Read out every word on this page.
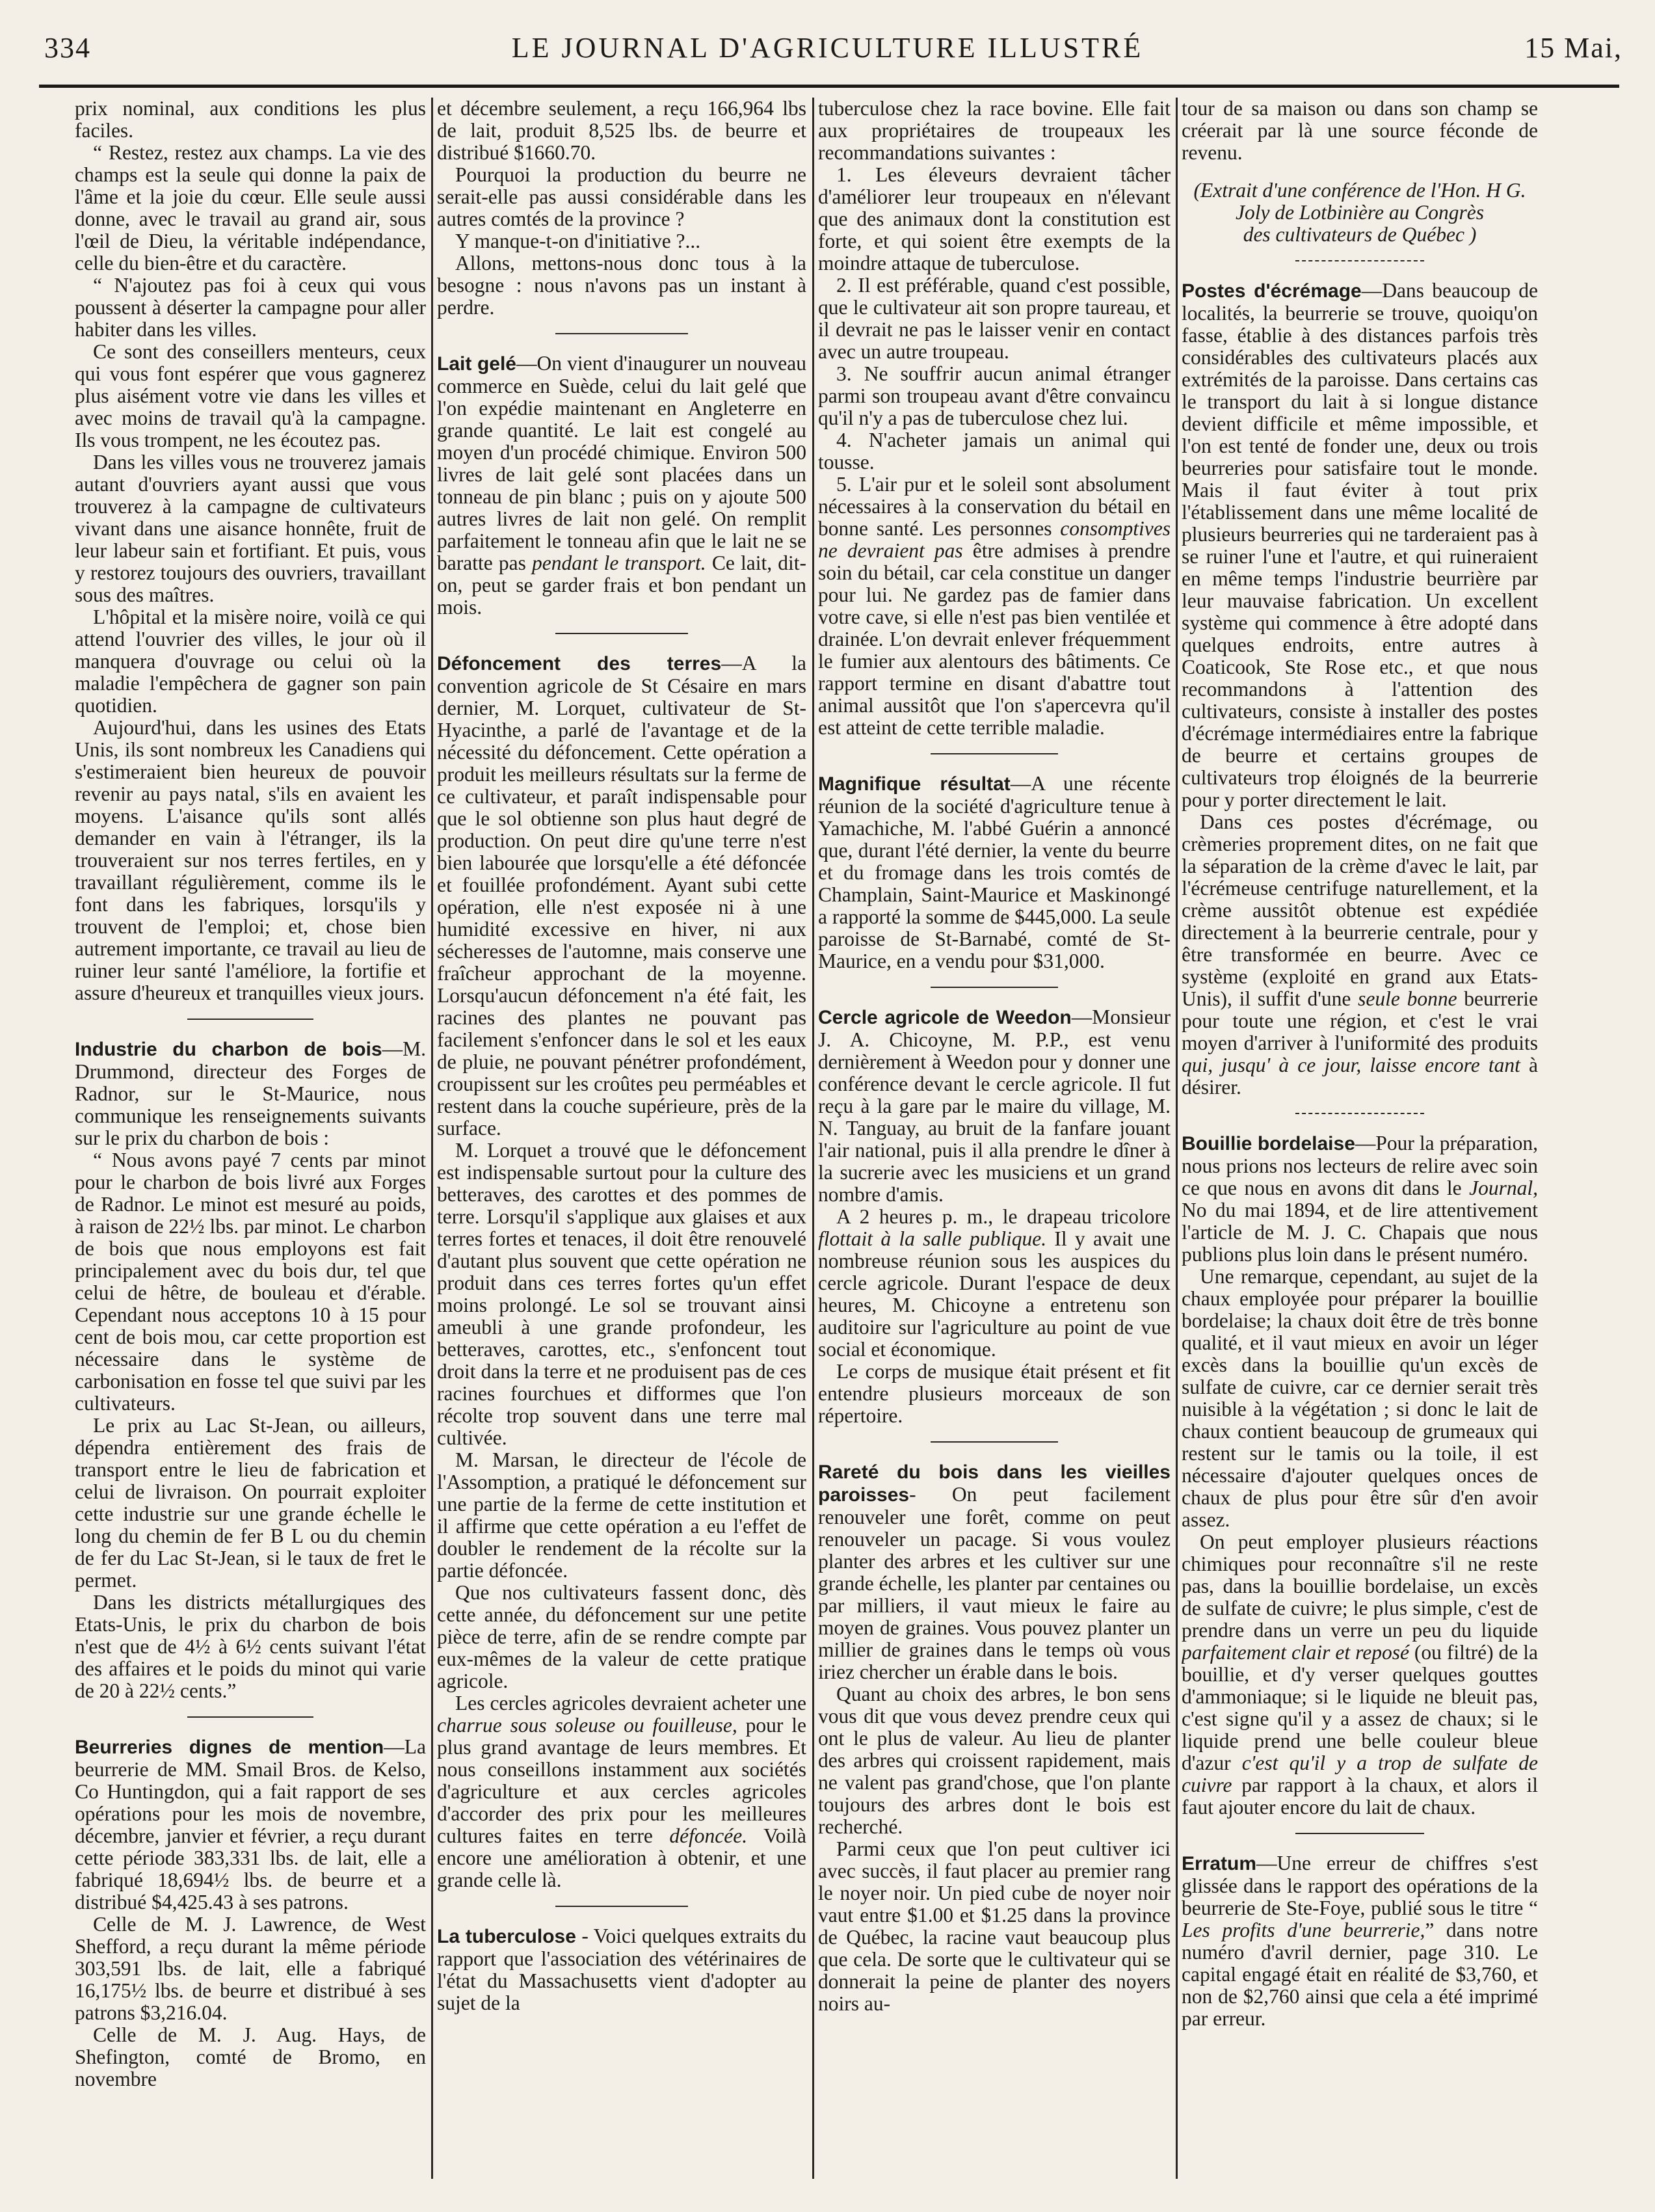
334	LE JOURNAL D'AGRICULTURE ILLUSTRÉ	15 Mai,

prix nominal, aux conditions les plus faciles.

“ Restez, restez aux champs. La vie des champs est la seule qui donne la paix de l'âme et la joie du cœur. Elle seule aussi donne, avec le travail au grand air, sous l'œil de Dieu, la véritable indépendance, celle du bien-être et du caractère.

“ N'ajoutez pas foi à ceux qui vous poussent à déserter la campagne pour aller habiter dans les villes.

Ce sont des conseillers menteurs, ceux qui vous font espérer que vous gagnerez plus aisément votre vie dans les villes et avec moins de travail qu'à la campagne. Ils vous trompent, ne les écoutez pas.

Dans les villes vous ne trouverez jamais autant d'ouvriers ayant aussi que vous trouverez à la campagne de cultivateurs vivant dans une aisance honnête, fruit de leur labeur sain et fortifiant. Et puis, vous y restorez toujours des ouvriers, travaillant sous des maîtres.

L'hôpital et la misère noire, voilà ce qui attend l'ouvrier des villes, le jour où il manquera d'ouvrage ou celui où la maladie l'empêchera de gagner son pain quotidien.

Aujourd'hui, dans les usines des Etats Unis, ils sont nombreux les Canadiens qui s'estimeraient bien heureux de pouvoir revenir au pays natal, s'ils en avaient les moyens. L'aisance qu'ils sont allés demander en vain à l'étranger, ils la trouveraient sur nos terres fertiles, en y travaillant régulièrement, comme ils le font dans les fabriques, lorsqu'ils y trouvent de l'emploi; et, chose bien autrement importante, ce travail au lieu de ruiner leur santé l'améliore, la fortifie et assure d'heureux et tranquilles vieux jours.

Industrie du charbon de bois—M. Drummond, directeur des Forges de Radnor, sur le St-Maurice, nous communique les renseignements suivants sur le prix du charbon de bois :

“ Nous avons payé 7 cents par minot pour le charbon de bois livré aux Forges de Radnor. Le minot est mesuré au poids, à raison de 22½ lbs. par minot. Le charbon de bois que nous employons est fait principalement avec du bois dur, tel que celui de hêtre, de bouleau et d'érable. Cependant nous acceptons 10 à 15 pour cent de bois mou, car cette proportion est nécessaire dans le système de carbonisation en fosse tel que suivi par les cultivateurs.

Le prix au Lac St-Jean, ou ailleurs, dépendra entièrement des frais de transport entre le lieu de fabrication et celui de livraison. On pourrait exploiter cette industrie sur une grande échelle le long du chemin de fer B L ou du chemin de fer du Lac St-Jean, si le taux de fret le permet.

Dans les districts métallurgiques des Etats-Unis, le prix du charbon de bois n'est que de 4½ à 6½ cents suivant l'état des affaires et le poids du minot qui varie de 20 à 22½ cents.”

Beurreries dignes de mention—La beurrerie de MM. Smail Bros. de Kelso, Co Huntingdon, qui a fait rapport de ses opérations pour les mois de novembre, décembre, janvier et février, a reçu durant cette période 383,331 lbs. de lait, elle a fabriqué 18,694½ lbs. de beurre et a distribué $4,425.43 à ses patrons.

Celle de M. J. Lawrence, de West Shefford, a reçu durant la même période 303,591 lbs. de lait, elle a fabriqué 16,175½ lbs. de beurre et distribué à ses patrons $3,216.04.

Celle de M. J. Aug. Hays, de Shefington, comté de Bromo, en novembre

et décembre seulement, a reçu 166,964 lbs de lait, produit 8,525 lbs. de beurre et distribué $1660.70.

Pourquoi la production du beurre ne serait-elle pas aussi considérable dans les autres comtés de la province ?

Y manque-t-on d'initiative ?...

Allons, mettons-nous donc tous à la besogne : nous n'avons pas un instant à perdre.

Lait gelé—On vient d'inaugurer un nouveau commerce en Suède, celui du lait gelé que l'on expédie maintenant en Angleterre en grande quantité. Le lait est congelé au moyen d'un procédé chimique. Environ 500 livres de lait gelé sont placées dans un tonneau de pin blanc ; puis on y ajoute 500 autres livres de lait non gelé. On remplit parfaitement le tonneau afin que le lait ne se baratte pas pendant le transport. Ce lait, dit-on, peut se garder frais et bon pendant un mois.

Défoncement des terres—A la convention agricole de St Césaire en mars dernier, M. Lorquet, cultivateur de St-Hyacinthe, a parlé de l'avantage et de la nécessité du défoncement. Cette opération a produit les meilleurs résultats sur la ferme de ce cultivateur, et paraît indispensable pour que le sol obtienne son plus haut degré de production. On peut dire qu'une terre n'est bien labourée que lorsqu'elle a été défoncée et fouillée profondément. Ayant subi cette opération, elle n'est exposée ni à une humidité excessive en hiver, ni aux sécheresses de l'automne, mais conserve une fraîcheur approchant de la moyenne. Lorsqu'aucun défoncement n'a été fait, les racines des plantes ne pouvant pas facilement s'enfoncer dans le sol et les eaux de pluie, ne pouvant pénétrer profondément, croupissent sur les croûtes peu perméables et restent dans la couche supérieure, près de la surface.

M. Lorquet a trouvé que le défoncement est indispensable surtout pour la culture des betteraves, des carottes et des pommes de terre. Lorsqu'il s'applique aux glaises et aux terres fortes et tenaces, il doit être renouvelé d'autant plus souvent que cette opération ne produit dans ces terres fortes qu'un effet moins prolongé. Le sol se trouvant ainsi ameubli à une grande profondeur, les betteraves, carottes, etc., s'enfoncent tout droit dans la terre et ne produisent pas de ces racines fourchues et difformes que l'on récolte trop souvent dans une terre mal cultivée.

M. Marsan, le directeur de l'école de l'Assomption, a pratiqué le défoncement sur une partie de la ferme de cette institution et il affirme que cette opération a eu l'effet de doubler le rendement de la récolte sur la partie défoncée.

Que nos cultivateurs fassent donc, dès cette année, du défoncement sur une petite pièce de terre, afin de se rendre compte par eux-mêmes de la valeur de cette pratique agricole.

Les cercles agricoles devraient acheter une charrue sous soleuse ou fouilleuse, pour le plus grand avantage de leurs membres. Et nous conseillons instamment aux sociétés d'agriculture et aux cercles agricoles d'accorder des prix pour les meilleures cultures faites en terre défoncée. Voilà encore une amélioration à obtenir, et une grande celle là.

La tuberculose - Voici quelques extraits du rapport que l'association des vétérinaires de l'état du Massachusetts vient d'adopter au sujet de la

tuberculose chez la race bovine. Elle fait aux propriétaires de troupeaux les recommandations suivantes :

1. Les éleveurs devraient tâcher d'améliorer leur troupeaux en n'élevant que des animaux dont la constitution est forte, et qui soient être exempts de la moindre attaque de tuberculose.

2. Il est préférable, quand c'est possible, que le cultivateur ait son propre taureau, et il devrait ne pas le laisser venir en contact avec un autre troupeau.

3. Ne souffrir aucun animal étranger parmi son troupeau avant d'être convaincu qu'il n'y a pas de tuberculose chez lui.

4. N'acheter jamais un animal qui tousse.

5. L'air pur et le soleil sont absolument nécessaires à la conservation du bétail en bonne santé. Les personnes consomptives ne devraient pas être admises à prendre soin du bétail, car cela constitue un danger pour lui. Ne gardez pas de famier dans votre cave, si elle n'est pas bien ventilée et drainée. L'on devrait enlever fréquemment le fumier aux alentours des bâtiments. Ce rapport termine en disant d'abattre tout animal aussitôt que l'on s'apercevra qu'il est atteint de cette terrible maladie.

Magnifique résultat—A une récente réunion de la société d'agriculture tenue à Yamachiche, M. l'abbé Guérin a annoncé que, durant l'été dernier, la vente du beurre et du fromage dans les trois comtés de Champlain, Saint-Maurice et Maskinongé a rapporté la somme de $445,000. La seule paroisse de St-Barnabé, comté de St-Maurice, en a vendu pour $31,000.

Cercle agricole de Weedon—Monsieur J. A. Chicoyne, M. P.P., est venu dernièrement à Weedon pour y donner une conférence devant le cercle agricole. Il fut reçu à la gare par le maire du village, M. N. Tanguay, au bruit de la fanfare jouant l'air national, puis il alla prendre le dîner à la sucrerie avec les musiciens et un grand nombre d'amis.

A 2 heures p. m., le drapeau tricolore flottait à la salle publique. Il y avait une nombreuse réunion sous les auspices du cercle agricole. Durant l'espace de deux heures, M. Chicoyne a entretenu son auditoire sur l'agriculture au point de vue social et économique.

Le corps de musique était présent et fit entendre plusieurs morceaux de son répertoire.

Rareté du bois dans les vieilles paroisses- On peut facilement renouveler une forêt, comme on peut renouveler un pacage. Si vous voulez planter des arbres et les cultiver sur une grande échelle, les planter par centaines ou par milliers, il vaut mieux le faire au moyen de graines. Vous pouvez planter un millier de graines dans le temps où vous iriez chercher un érable dans le bois.

Quant au choix des arbres, le bon sens vous dit que vous devez prendre ceux qui ont le plus de valeur. Au lieu de planter des arbres qui croissent rapidement, mais ne valent pas grand'chose, que l'on plante toujours des arbres dont le bois est recherché.

Parmi ceux que l'on peut cultiver ici avec succès, il faut placer au premier rang le noyer noir. Un pied cube de noyer noir vaut entre $1.00 et $1.25 dans la province de Québec, la racine vaut beaucoup plus que cela. De sorte que le cultivateur qui se donnerait la peine de planter des noyers noirs au-

tour de sa maison ou dans son champ se créerait par là une source féconde de revenu.

(Extrait d'une conférence de l'Hon. H G. Joly de Lotbinière au Congrès

des cultivateurs de Québec )

Postes d'écrémage—Dans beaucoup de localités, la beurrerie se trouve, quoiqu'on fasse, établie à des distances parfois très considérables des cultivateurs placés aux extrémités de la paroisse. Dans certains cas le transport du lait à si longue distance devient difficile et même impossible, et l'on est tenté de fonder une, deux ou trois beurreries pour satisfaire tout le monde. Mais il faut éviter à tout prix l'établissement dans une même localité de plusieurs beurreries qui ne tarderaient pas à se ruiner l'une et l'autre, et qui ruineraient en même temps l'industrie beurrière par leur mauvaise fabrication. Un excellent système qui commence à être adopté dans quelques endroits, entre autres à Coaticook, Ste Rose etc., et que nous recommandons à l'attention des cultivateurs, consiste à installer des postes d'écrémage intermédiaires entre la fabrique de beurre et certains groupes de cultivateurs trop éloignés de la beurrerie pour y porter directement le lait.

Dans ces postes d'écrémage, ou crèmeries proprement dites, on ne fait que la séparation de la crème d'avec le lait, par l'écrémeuse centrifuge naturellement, et la crème aussitôt obtenue est expédiée directement à la beurrerie centrale, pour y être transformée en beurre. Avec ce système (exploité en grand aux Etats-Unis), il suffit d'une seule bonne beurrerie pour toute une région, et c'est le vrai moyen d'arriver à l'uniformité des produits qui, jusqu' à ce jour, laisse encore tant à désirer.

Bouillie bordelaise—Pour la préparation, nous prions nos lecteurs de relire avec soin ce que nous en avons dit dans le Journal, No du mai 1894, et de lire attentivement l'article de M. J. C. Chapais que nous publions plus loin dans le présent numéro.

Une remarque, cependant, au sujet de la chaux employée pour préparer la bouillie bordelaise; la chaux doit être de très bonne qualité, et il vaut mieux en avoir un léger excès dans la bouillie qu'un excès de sulfate de cuivre, car ce dernier serait très nuisible à la végétation ; si donc le lait de chaux contient beaucoup de grumeaux qui restent sur le tamis ou la toile, il est nécessaire d'ajouter quelques onces de chaux de plus pour être sûr d'en avoir assez.

On peut employer plusieurs réactions chimiques pour reconnaître s'il ne reste pas, dans la bouillie bordelaise, un excès de sulfate de cuivre; le plus simple, c'est de prendre dans un verre un peu du liquide parfaitement clair et reposé (ou filtré) de la bouillie, et d'y verser quelques gouttes d'ammoniaque; si le liquide ne bleuit pas, c'est signe qu'il y a assez de chaux; si le liquide prend une belle couleur bleue d'azur c'est qu'il y a trop de sulfate de cuivre par rapport à la chaux, et alors il faut ajouter encore du lait de chaux.

Erratum—Une erreur de chiffres s'est glissée dans le rapport des opérations de la beurrerie de Ste-Foye, publié sous le titre “ Les profits d'une beurrerie,” dans notre numéro d'avril dernier, page 310. Le capital engagé était en réalité de $3,760, et non de $2,760 ainsi que cela a été imprimé par erreur.
